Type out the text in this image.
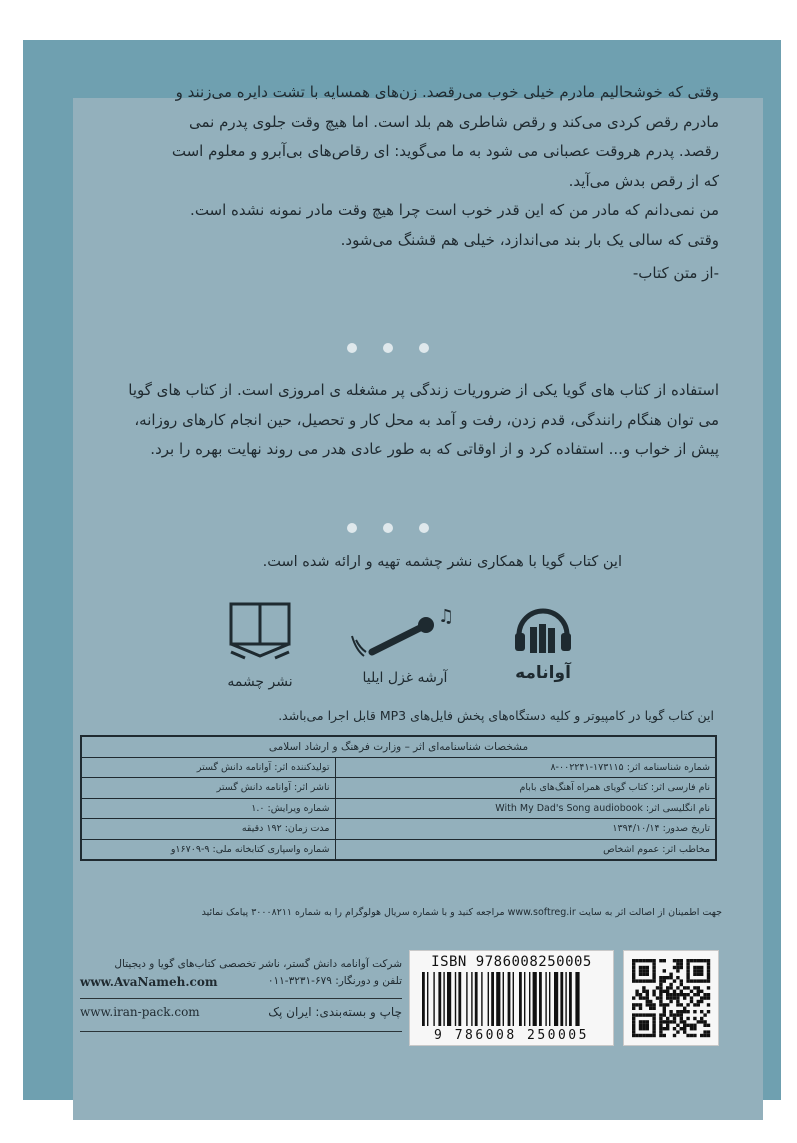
وقتی که خوشحالیم مادرم خیلی خوب می‌رقصد. زن‌های همسایه با تشت دایره می‌زنند و
مادرم رقص کردی می‌کند و رقص شاطری هم بلد است. اما هیچ وقت جلوی پدرم نمی
رقصد. پدرم هروقت عصبانی می شود به ما می‌گوید: ای رقاص‌های بی‌آبرو و معلوم است
که از رقص بدش می‌آید.
من نمی‌دانم که مادر من که این قدر خوب است چرا هیچ وقت مادر نمونه نشده است.
وقتی که سالی یک بار بند می‌اندازد، خیلی هم قشنگ می‌شود.
-از متن کتاب-
استفاده از کتاب های گویا یکی از ضروریات زندگی پر مشغله ی امروزی است. از کتاب های گویا
می توان هنگام رانندگی، قدم زدن، رفت و آمد به محل کار و تحصیل، حین انجام کارهای روزانه،
پیش از خواب و... استفاده کرد و از اوقاتی که به طور عادی هدر می روند نهایت بهره را برد.
این کتاب گویا با همکاری نشر چشمه تهیه و ارائه شده است.
آوانامه
♫
آرشه غزل ایلیا
نشر چشمه
این کتاب گویا در کامپیوتر و کلیه دستگاه‌های پخش فایل‌های MP3 قابل اجرا می‌باشد.
مشخصات شناسنامه‌ای اثر – وزارت فرهنگ و ارشاد اسلامی	
شماره شناسنامه اثر: ۱۷۳‌۱۱۵-۰۰۲۲۴۱-۸	تولیدکننده اثر: آوانامه دانش گستر
نام فارسی اثر: کتاب گویای همراه آهنگ‌های بابام	ناشر اثر: آوانامه دانش گستر
نام انگلیسی اثر: With My Dad's Song audiobook	شماره ویرایش: ۱.۰
تاریخ صدور: ۱۳۹۴/۱۰/۱۴	مدت زمان: ۱۹۲ دقیقه
مخاطب اثر: عموم اشخاص	شماره واسپاری کتابخانه ملی: ۹-۱۶۷۰۹و
جهت اطمینان از اصالت اثر به سایت www.softreg.ir مراجعه کنید و با شماره سریال هولوگرام را به شماره ۳۰۰۰۸۲۱۱ پیامک نمائید
شرکت آوانامه دانش گستر، ناشر تخصصی کتاب‌های گویا و دیجیتال
تلفن و دورنگار: ۶۷۹-۳۲۳۱-۰۱۱
www.AvaNameh.com
چاپ و بسته‌بندی: ایران پک
www.iran-pack.com
ISBN 9786008250005
9 786008 250005
